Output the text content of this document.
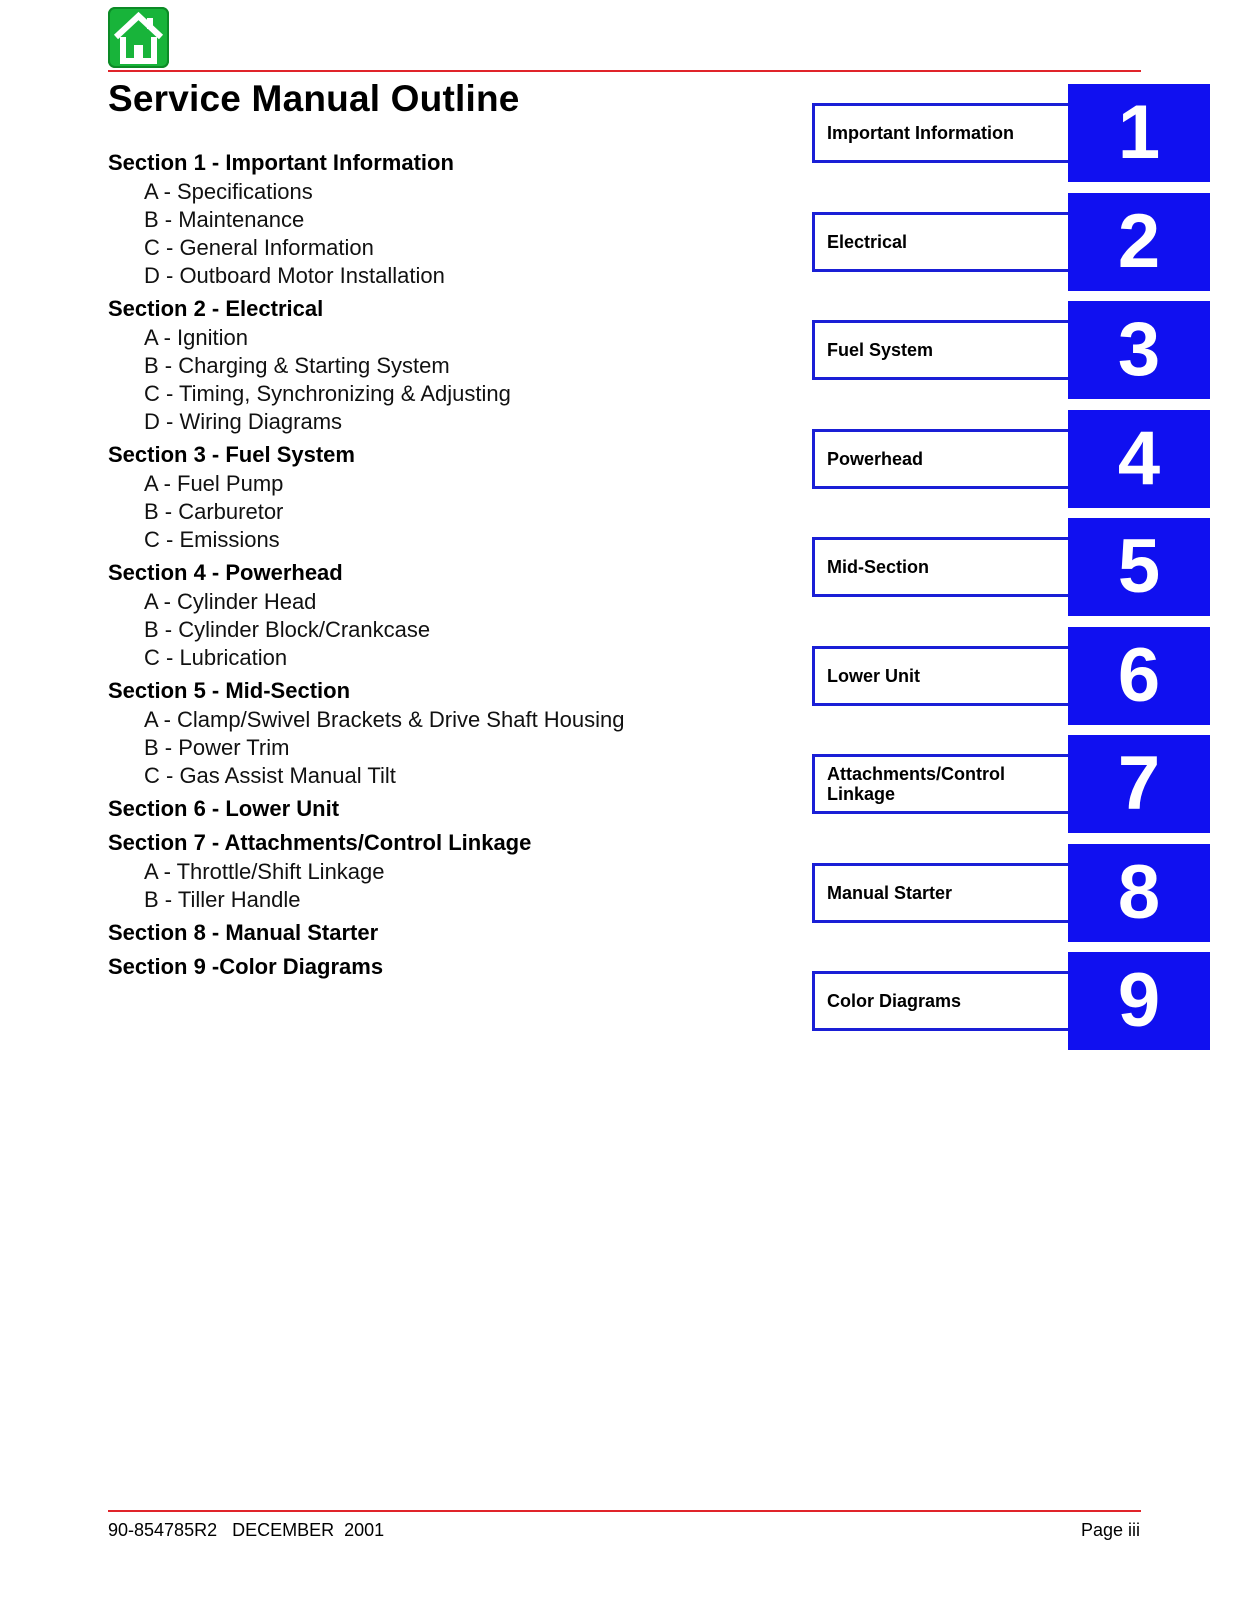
Service Manual Outline
Section 1 - Important Information
A - Specifications
B - Maintenance
C - General Information
D - Outboard Motor Installation
Section 2 - Electrical
A - Ignition
B - Charging & Starting System
C - Timing, Synchronizing & Adjusting
D - Wiring Diagrams
Section 3 - Fuel System
A - Fuel Pump
B - Carburetor
C - Emissions
Section 4 - Powerhead
A - Cylinder Head
B - Cylinder Block/Crankcase
C - Lubrication
Section 5 - Mid-Section
A - Clamp/Swivel Brackets & Drive Shaft Housing
B - Power Trim
C - Gas Assist Manual Tilt
Section 6 - Lower Unit
Section 7 - Attachments/Control Linkage
A - Throttle/Shift Linkage
B - Tiller Handle
Section 8 - Manual Starter
Section 9 -Color Diagrams
Important Information	1
Electrical	2
Fuel System	3
Powerhead	4
Mid-Section	5
Lower Unit	6
Attachments/Control Linkage	7
Manual Starter	8
Color Diagrams	9
90-854785R2   DECEMBER  2001	Page iii
